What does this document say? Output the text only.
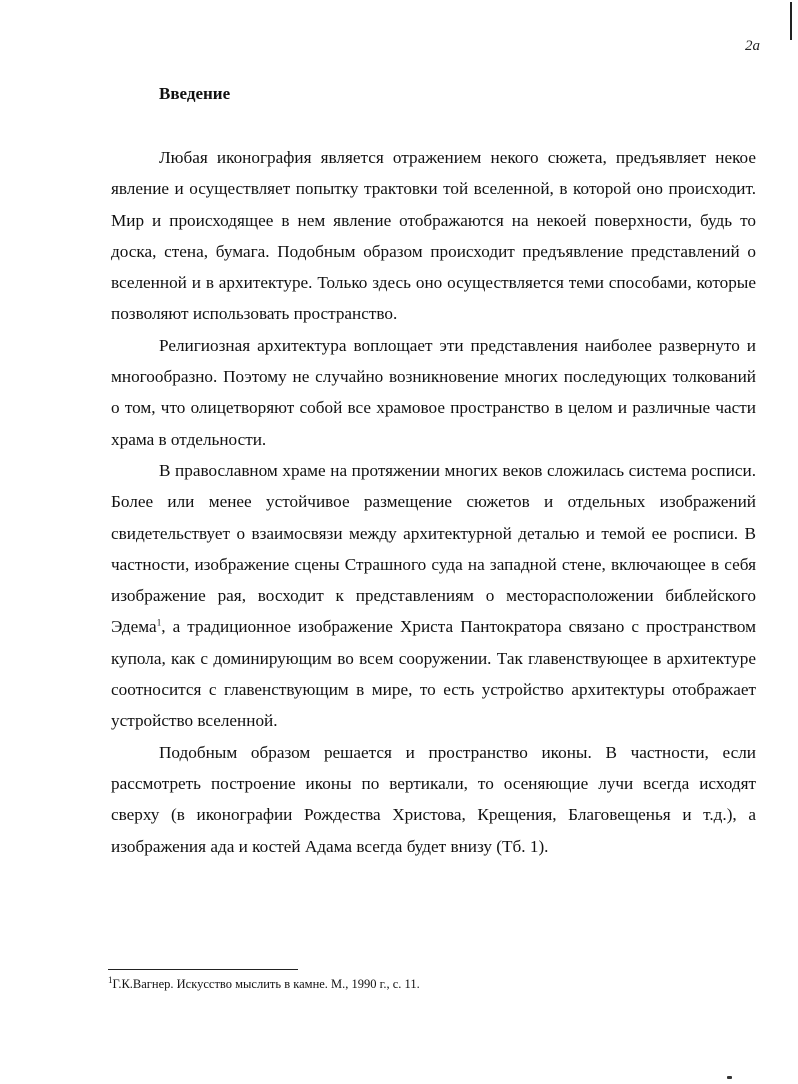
2а
Введение

Любая иконография является отражением некого сюжета, предъявляет некое явление и осуществляет попытку трактовки той вселенной, в которой оно происходит. Мир и происходящее в нем явление отображаются на некоей поверхности, будь то доска, стена, бумага. Подобным образом происходит предъявление представлений о вселенной и в архитектуре. Только здесь оно осуществляется теми способами, которые позволяют использовать пространство.

Религиозная архитектура воплощает эти представления наиболее развернуто и многообразно. Поэтому не случайно возникновение многих последующих толкований о том, что олицетворяют собой все храмовое пространство в целом и различные части храма в отдельности.

В православном храме на протяжении многих веков сложилась система росписи. Более или менее устойчивое размещение сюжетов и отдельных изображений свидетельствует о взаимосвязи между архитектурной деталью и темой ее росписи. В частности, изображение сцены Страшного суда на западной стене, включающее в себя изображение рая, восходит к представлениям о месторасположении библейского Эдема$^1$, а традиционное изображение Христа Пантократора связано с пространством купола, как с доминирующим во всем сооружении. Так главенствующее в архитектуре соотносится с главенствующим в мире, то есть устройство архитектуры отображает устройство вселенной.

Подобным образом решается и пространство иконы. В частности, если рассмотреть построение иконы по вертикали, то осеняющие лучи всегда исходят сверху (в иконографии Рождества Христова, Крещения, Благовещенья и т.д.), а изображения ада и костей Адама всегда будет внизу (Тб. 1).

$^1$Г.К.Вагнер. Искусство мыслить в камне. М., 1990 г., с. 11.
